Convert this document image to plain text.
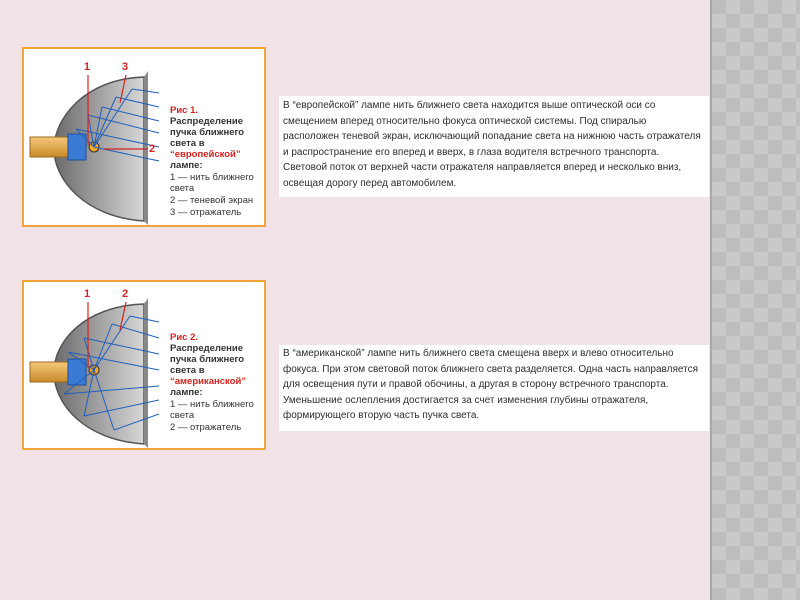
1	3
2
Рис 1. Распределение пучка ближнего света в “европейской” лампе:
1 — нить ближнего света
2 — теневой экран
3 — отражатель
В “европейской” лампе нить ближнего света находится выше оптической оси со смещением вперед относительно фокуса оптической системы. Под спиралью расположен теневой экран, исключающий попадание света на нижнюю часть отражателя и распространение его вперед и вверх, в глаза водителя встречного транспорта. Световой поток от верхней части отражателя направляется вперед и несколько вниз, освещая дорогу перед автомобилем.
1	2
Рис 2. Распределение пучка ближнего света в “американской” лампе:
1 — нить ближнего света
2 — отражатель
В “американской” лампе нить ближнего света смещена вверх и влево относительно фокуса. При этом световой поток ближнего света разделяется. Одна часть направляется для освещения пути и правой обочины, а другая в сторону встречного транспорта. Уменьшение ослепления достигается за счет изменения глубины отражателя, формирующего вторую часть пучка света.
